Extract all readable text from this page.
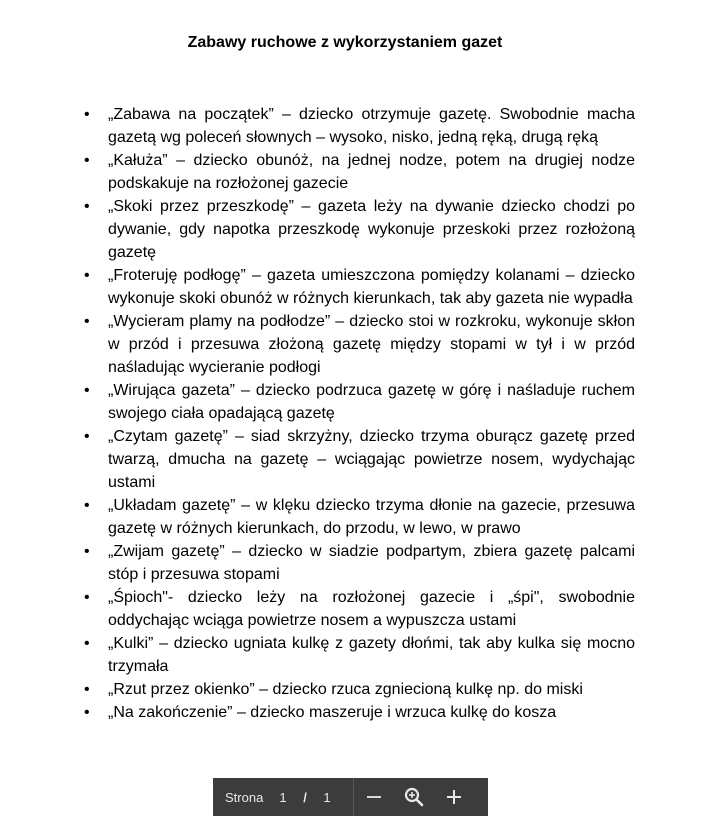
Zabawy ruchowe z wykorzystaniem gazet
• „Zabawa na początek” – dziecko otrzymuje gazetę. Swobodnie macha gazetą wg poleceń słownych – wysoko, nisko, jedną ręką, drugą ręką
• „Kałuża” – dziecko obunóż, na jednej nodze, potem na drugiej nodze podskakuje na rozłożonej gazecie
• „Skoki przez przeszkodę” – gazeta leży na dywanie dziecko chodzi po dywanie, gdy napotka przeszkodę wykonuje przeskoki przez rozłożoną gazetę
• „Froteruję podłogę” – gazeta umieszczona pomiędzy kolanami – dziecko wykonuje skoki obunóż w różnych kierunkach, tak aby gazeta nie wypadła
• „Wycieram plamy na podłodze” – dziecko stoi w rozkroku, wykonuje skłon w przód i przesuwa złożoną gazetę między stopami w tył i w przód naśladując wycieranie podłogi
• „Wirująca gazeta” – dziecko podrzuca gazetę w górę i naśladuje ruchem swojego ciała opadającą gazetę
• „Czytam gazetę” – siad skrzyżny, dziecko trzyma oburącz gazetę przed twarzą, dmucha na gazetę – wciągając powietrze nosem, wydychając ustami
• „Układam gazetę” – w klęku dziecko trzyma dłonie na gazecie, przesuwa gazetę w różnych kierunkach, do przodu, w lewo, w prawo
• „Zwijam gazetę” – dziecko w siadzie podpartym, zbiera gazetę palcami stóp i przesuwa stopami
• „Śpioch"- dziecko leży na rozłożonej gazecie i „śpi", swobodnie oddychając wciąga powietrze nosem a wypuszcza ustami
• „Kulki” – dziecko ugniata kulkę z gazety dłońmi, tak aby kulka się mocno trzymała
• „Rzut przez okienko” – dziecko rzuca zgniecioną kulkę np. do miski
• „Na zakończenie” – dziecko maszeruje i wrzuca kulkę do kosza
Strona	1	/	1
